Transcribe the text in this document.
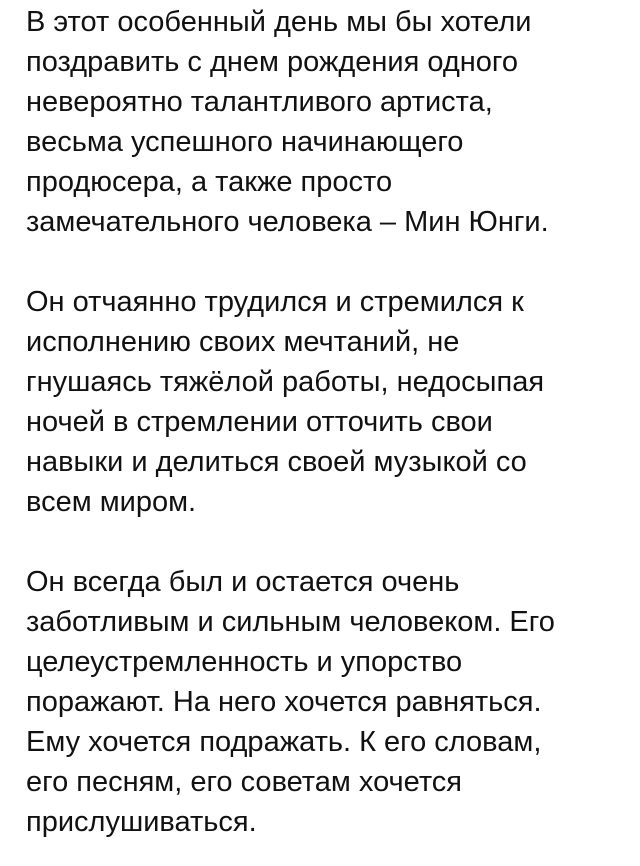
В этот особенный день мы бы хотели
поздравить с днем рождения одного
невероятно талантливого артиста,
весьма успешного начинающего
продюсера, а также просто
замечательного человека – Мин Юнги.

Он отчаянно трудился и стремился к
исполнению своих мечтаний, не
гнушаясь тяжёлой работы, недосыпая
ночей в стремлении отточить свои
навыки и делиться своей музыкой со
всем миром.

Он всегда был и остается очень
заботливым и сильным человеком. Его
целеустремленность и упорство
поражают. На него хочется равняться.
Ему хочется подражать. К его словам,
его песням, его советам хочется
прислушиваться.
